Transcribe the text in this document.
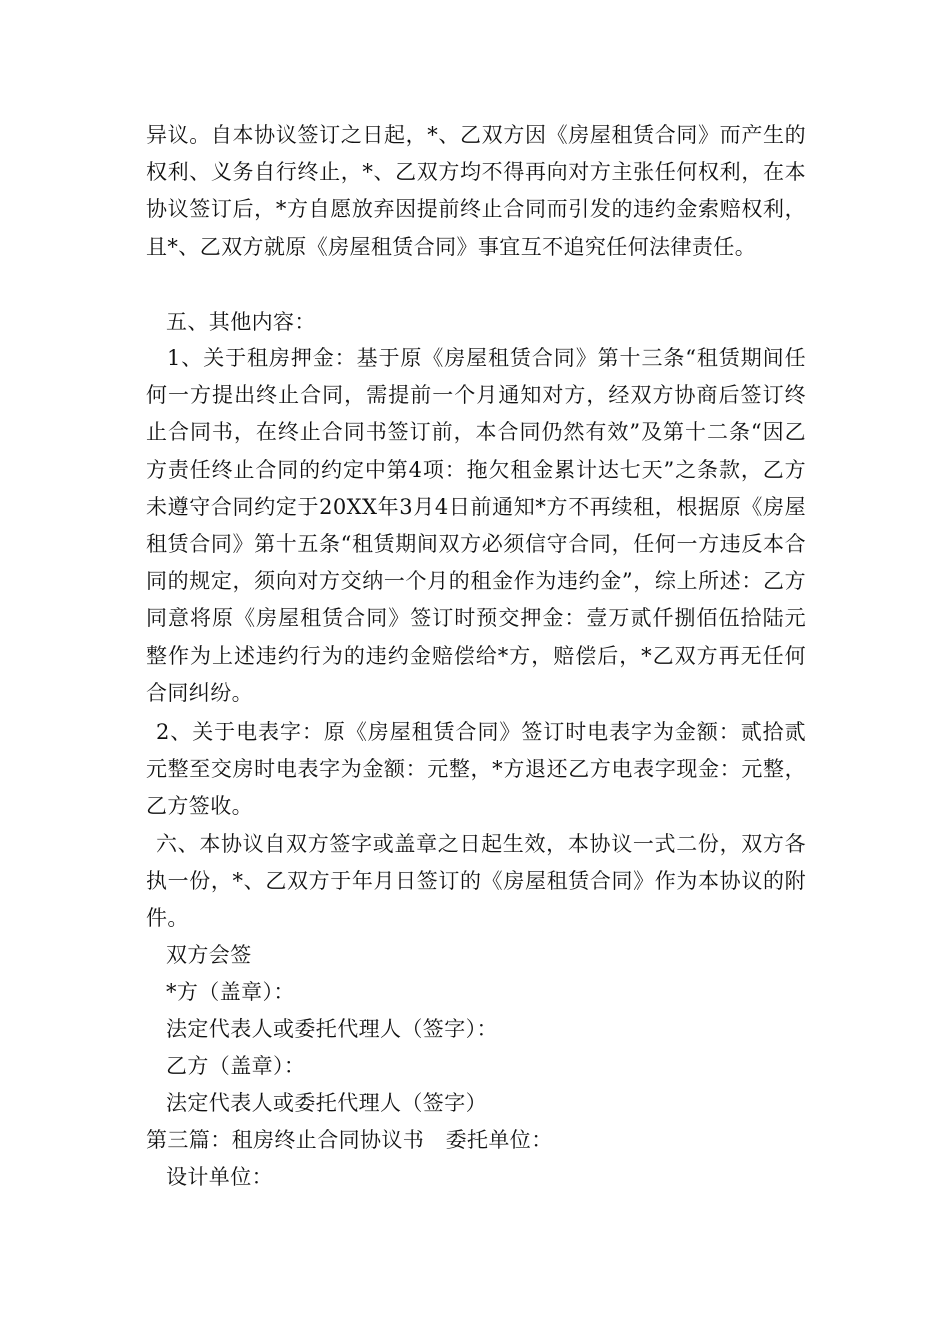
异议。自本协议签订之日起，*、乙双方因《房屋租赁合同》而产生的权利、义务自行终止，*、乙双方均不得再向对方主张任何权利，在本协议签订后，*方自愿放弃因提前终止合同而引发的违约金索赔权利，且*、乙双方就原《房屋租赁合同》事宜互不追究任何法律责任。
五、其他内容：
1、关于租房押金：基于原《房屋租赁合同》第十三条“租赁期间任何一方提出终止合同，需提前一个月通知对方，经双方协商后签订终止合同书，在终止合同书签订前，本合同仍然有效”及第十二条“因乙方责任终止合同的约定中第4项：拖欠租金累计达七天”之条款，乙方未遵守合同约定于20XX年3月4日前通知*方不再续租，根据原《房屋租赁合同》第十五条“租赁期间双方必须信守合同，任何一方违反本合同的规定，须向对方交纳一个月的租金作为违约金”，综上所述：乙方同意将原《房屋租赁合同》签订时预交押金：壹万贰仟捌佰伍拾陆元整作为上述违约行为的违约金赔偿给*方，赔偿后，*乙双方再无任何合同纠纷。
2、关于电表字：原《房屋租赁合同》签订时电表字为金额：贰拾贰元整至交房时电表字为金额：元整，*方退还乙方电表字现金：元整，乙方签收。
六、本协议自双方签字或盖章之日起生效，本协议一式二份，双方各执一份，*、乙双方于年月日签订的《房屋租赁合同》作为本协议的附件。
双方会签
*方（盖章）：
法定代表人或委托代理人（签字）：
乙方（盖章）：
法定代表人或委托代理人（签字）
第三篇：租房终止合同协议书　委托单位：
设计单位：
